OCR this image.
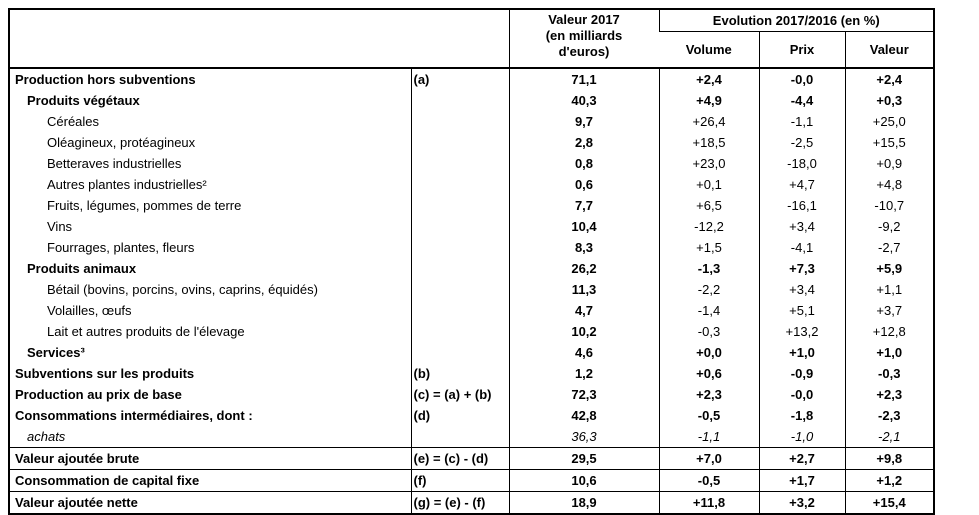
		Valeur 2017
(en milliards
d'euros)	Evolution 2017/2016 (en %)		
			Volume	Prix	Valeur
Production hors subventions	(a)	71,1	+2,4	-0,0	+2,4
Produits végétaux		40,3	+4,9	-4,4	+0,3
Céréales		9,7	+26,4	-1,1	+25,0
Oléagineux, protéagineux		2,8	+18,5	-2,5	+15,5
Betteraves industrielles		0,8	+23,0	-18,0	+0,9
Autres plantes industrielles²		0,6	+0,1	+4,7	+4,8
Fruits, légumes, pommes de terre		7,7	+6,5	-16,1	-10,7
Vins		10,4	-12,2	+3,4	-9,2
Fourrages, plantes, fleurs		8,3	+1,5	-4,1	-2,7
Produits animaux		26,2	-1,3	+7,3	+5,9
Bétail (bovins, porcins, ovins, caprins, équidés)		11,3	-2,2	+3,4	+1,1
Volailles, œufs		4,7	-1,4	+5,1	+3,7
Lait et autres produits de l'élevage		10,2	-0,3	+13,2	+12,8
Services³		4,6	+0,0	+1,0	+1,0
Subventions sur les produits	(b)	1,2	+0,6	-0,9	-0,3
Production au prix de base	(c) = (a) + (b)	72,3	+2,3	-0,0	+2,3
Consommations intermédiaires, dont :	(d)	42,8	-0,5	-1,8	-2,3
achats		36,3	-1,1	-1,0	-2,1
Valeur ajoutée brute	(e) = (c) - (d)	29,5	+7,0	+2,7	+9,8
Consommation de capital fixe	(f)	10,6	-0,5	+1,7	+1,2
Valeur ajoutée nette	(g) = (e) - (f)	18,9	+11,8	+3,2	+15,4
